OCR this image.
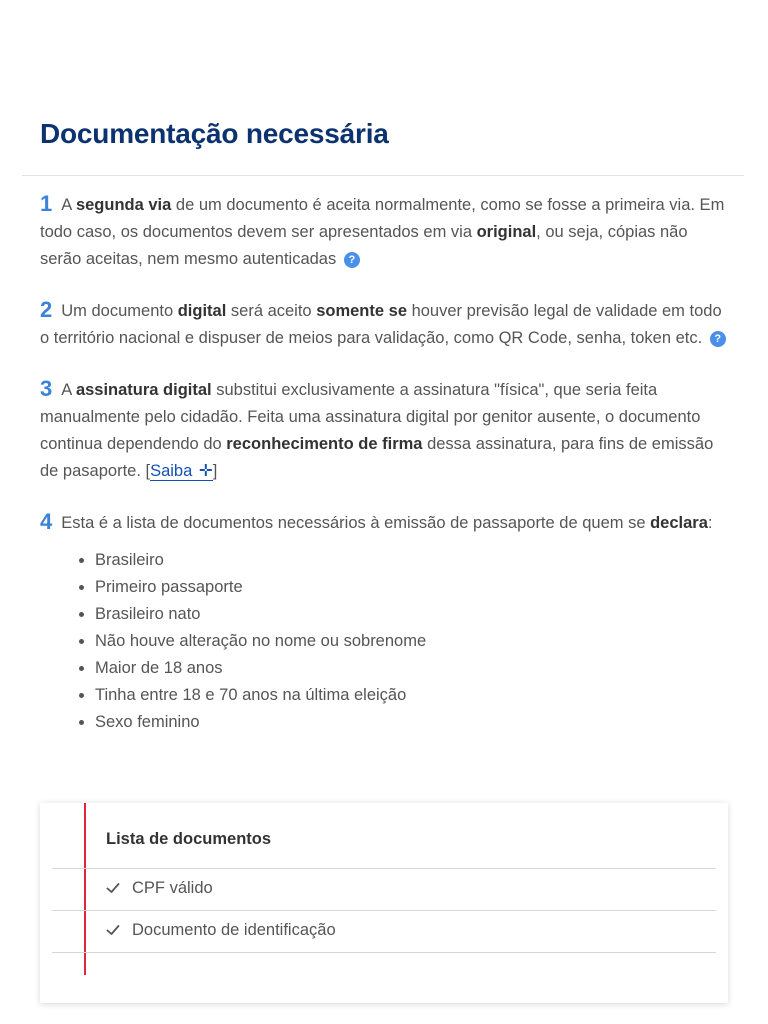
Documentação necessária

1 A segunda via de um documento é aceita normalmente, como se fosse a primeira via. Em todo caso, os documentos devem ser apresentados em via original, ou seja, cópias não serão aceitas, nem mesmo autenticadas ?

2 Um documento digital será aceito somente se houver previsão legal de validade em todo o território nacional e dispuser de meios para validação, como QR Code, senha, token etc. ?

3 A assinatura digital substitui exclusivamente a assinatura "física", que seria feita manualmente pelo cidadão. Feita uma assinatura digital por genitor ausente, o documento continua dependendo do reconhecimento de firma dessa assinatura, para fins de emissão de pasaporte. [Saiba ✛]

4 Esta é a lista de documentos necessários à emissão de passaporte de quem se declara:
• Brasileiro
• Primeiro passaporte
• Brasileiro nato
• Não houve alteração no nome ou sobrenome
• Maior de 18 anos
• Tinha entre 18 e 70 anos na última eleição
• Sexo feminino
Lista de documentos
CPF válido
Documento de identificação
